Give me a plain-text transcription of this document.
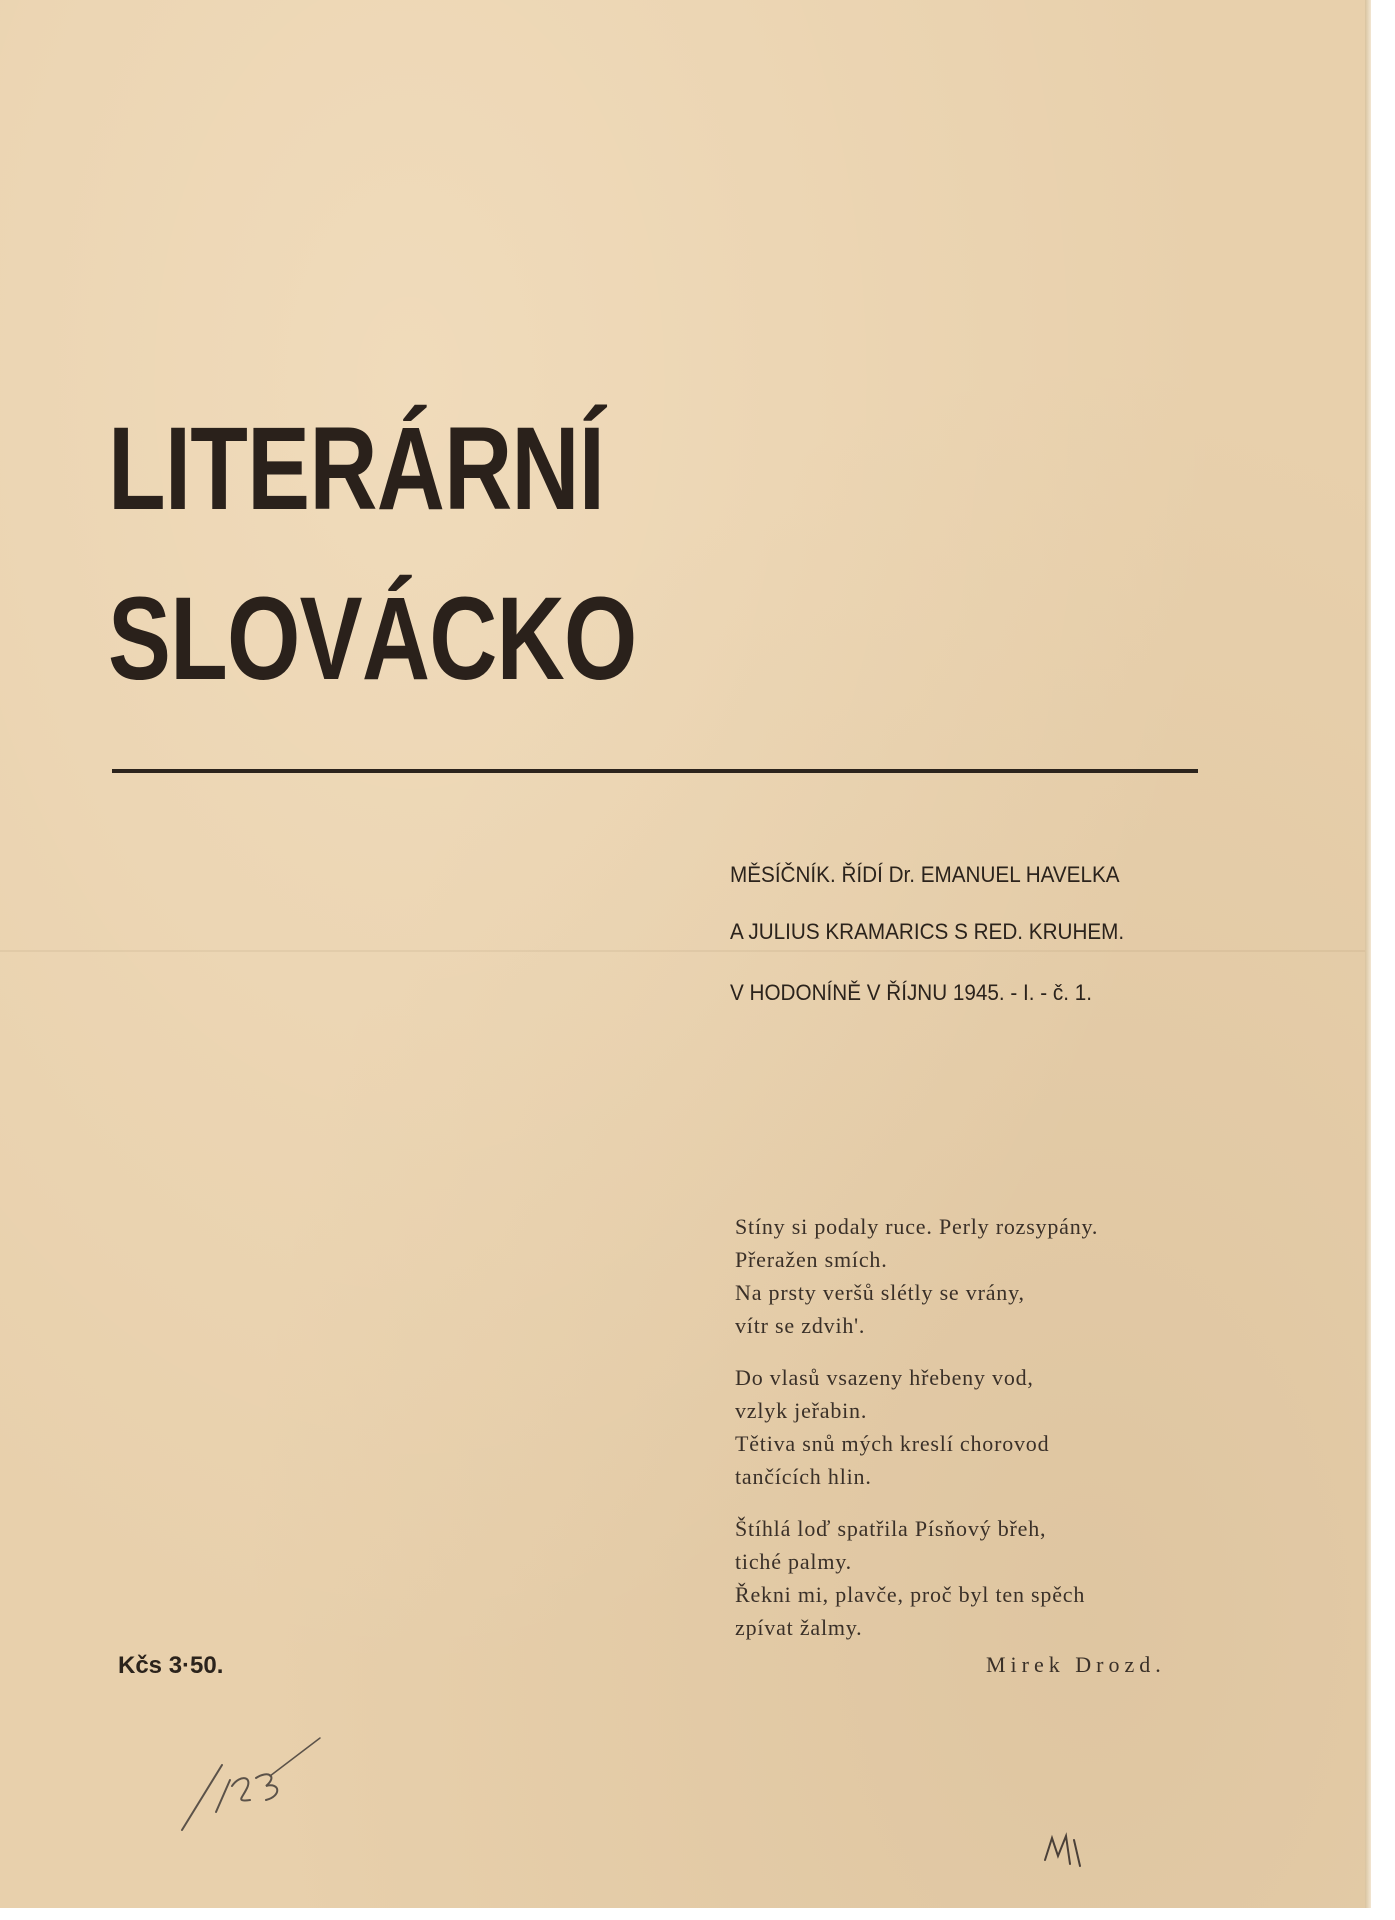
LITERÁRNÍ
SLOVÁCKO
MĚSÍČNÍK. ŘÍDÍ Dr. EMANUEL HAVELKA
A JULIUS KRAMARICS S RED. KRUHEM.
V HODONÍNĚ V ŘÍJNU 1945. - I. - č. 1.
Stíny si podaly ruce. Perly rozsypány.
Přeražen smích.
Na prsty veršů slétly se vrány,
vítr se zdvih'.
Do vlasů vsazeny hřebeny vod,
vzlyk jeřabin.
Tětiva snů mých kreslí chorovod
tančících hlin.
Štíhlá loď spatřila Písňový břeh,
tiché palmy.
Řekni mi, plavče, proč byl ten spěch
zpívat žalmy.
Mirek Drozd.
Kčs 3·50.
